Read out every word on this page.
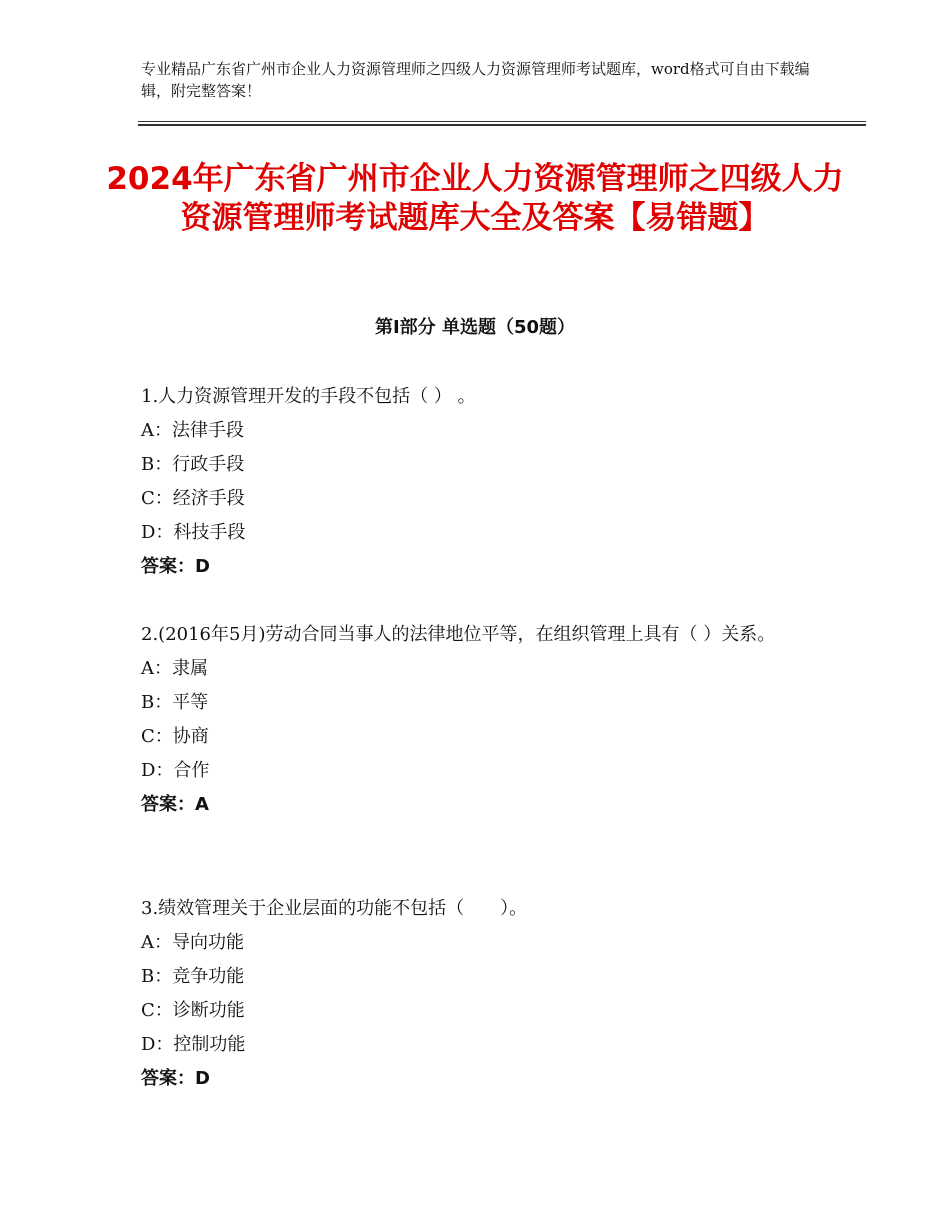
专业精品广东省广州市企业人力资源管理师之四级人力资源管理师考试题库，word格式可自由下载编辑，附完整答案！
2024年广东省广州市企业人力资源管理师之四级人力资源管理师考试题库大全及答案【易错题】
第Ⅰ部分 单选题（50题）
1.人力资源管理开发的手段不包括（ ） 。
A：法律手段
B：行政手段
C：经济手段
D：科技手段
答案：D
2.(2016年5月)劳动合同当事人的法律地位平等，在组织管理上具有（ ）关系。
A：隶属
B：平等
C：协商
D：合作
答案：A
3.绩效管理关于企业层面的功能不包括（　　）。
A：导向功能
B：竞争功能
C：诊断功能
D：控制功能
答案：D
